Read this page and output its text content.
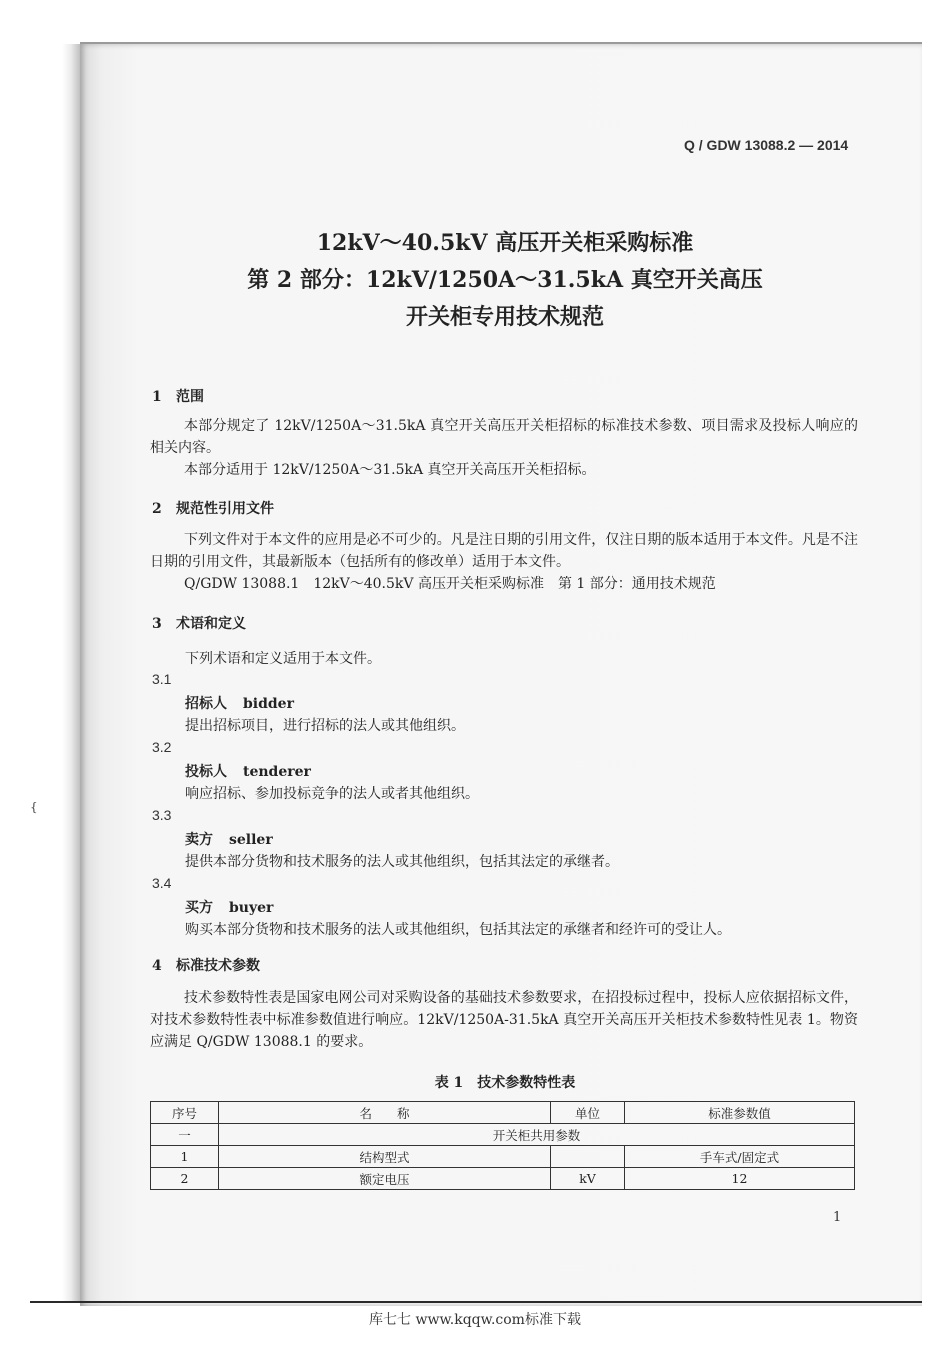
{
Q / GDW 13088.2 — 2014
12kV～40.5kV 高压开关柜采购标准
第 2 部分：12kV/1250A～31.5kA 真空开关高压
开关柜专用技术规范
1 范围

本部分规定了 12kV/1250A～31.5kA 真空开关高压开关柜招标的标准技术参数、项目需求及投标人响应的相关内容。

本部分适用于 12kV/1250A～31.5kA 真空开关高压开关柜招标。

2 规范性引用文件

下列文件对于本文件的应用是必不可少的。凡是注日期的引用文件，仅注日期的版本适用于本文件。凡是不注日期的引用文件，其最新版本（包括所有的修改单）适用于本文件。

Q/GDW 13088.1　12kV～40.5kV 高压开关柜采购标准　第 1 部分：通用技术规范

3 术语和定义
下列术语和定义适用于本文件。
3.1
招标人 bidder
提出招标项目，进行招标的法人或其他组织。
3.2
投标人 tenderer
响应招标、参加投标竞争的法人或者其他组织。
3.3
卖方 seller
提供本部分货物和技术服务的法人或其他组织，包括其法定的承继者。
3.4
买方 buyer
购买本部分货物和技术服务的法人或其他组织，包括其法定的承继者和经许可的受让人。
4 标准技术参数

技术参数特性表是国家电网公司对采购设备的基础技术参数要求，在招投标过程中，投标人应依据招标文件，对技术参数特性表中标准参数值进行响应。12kV/1250A-31.5kA 真空开关高压开关柜技术参数特性见表 1。物资应满足 Q/GDW 13088.1 的要求。

表 1　技术参数特性表
序号	名　　称	单位	标准参数值
一	开关柜共用参数		
1	结构型式		手车式/固定式
2	额定电压	kV	12
1
库七七 www.kqqw.com标准下载
